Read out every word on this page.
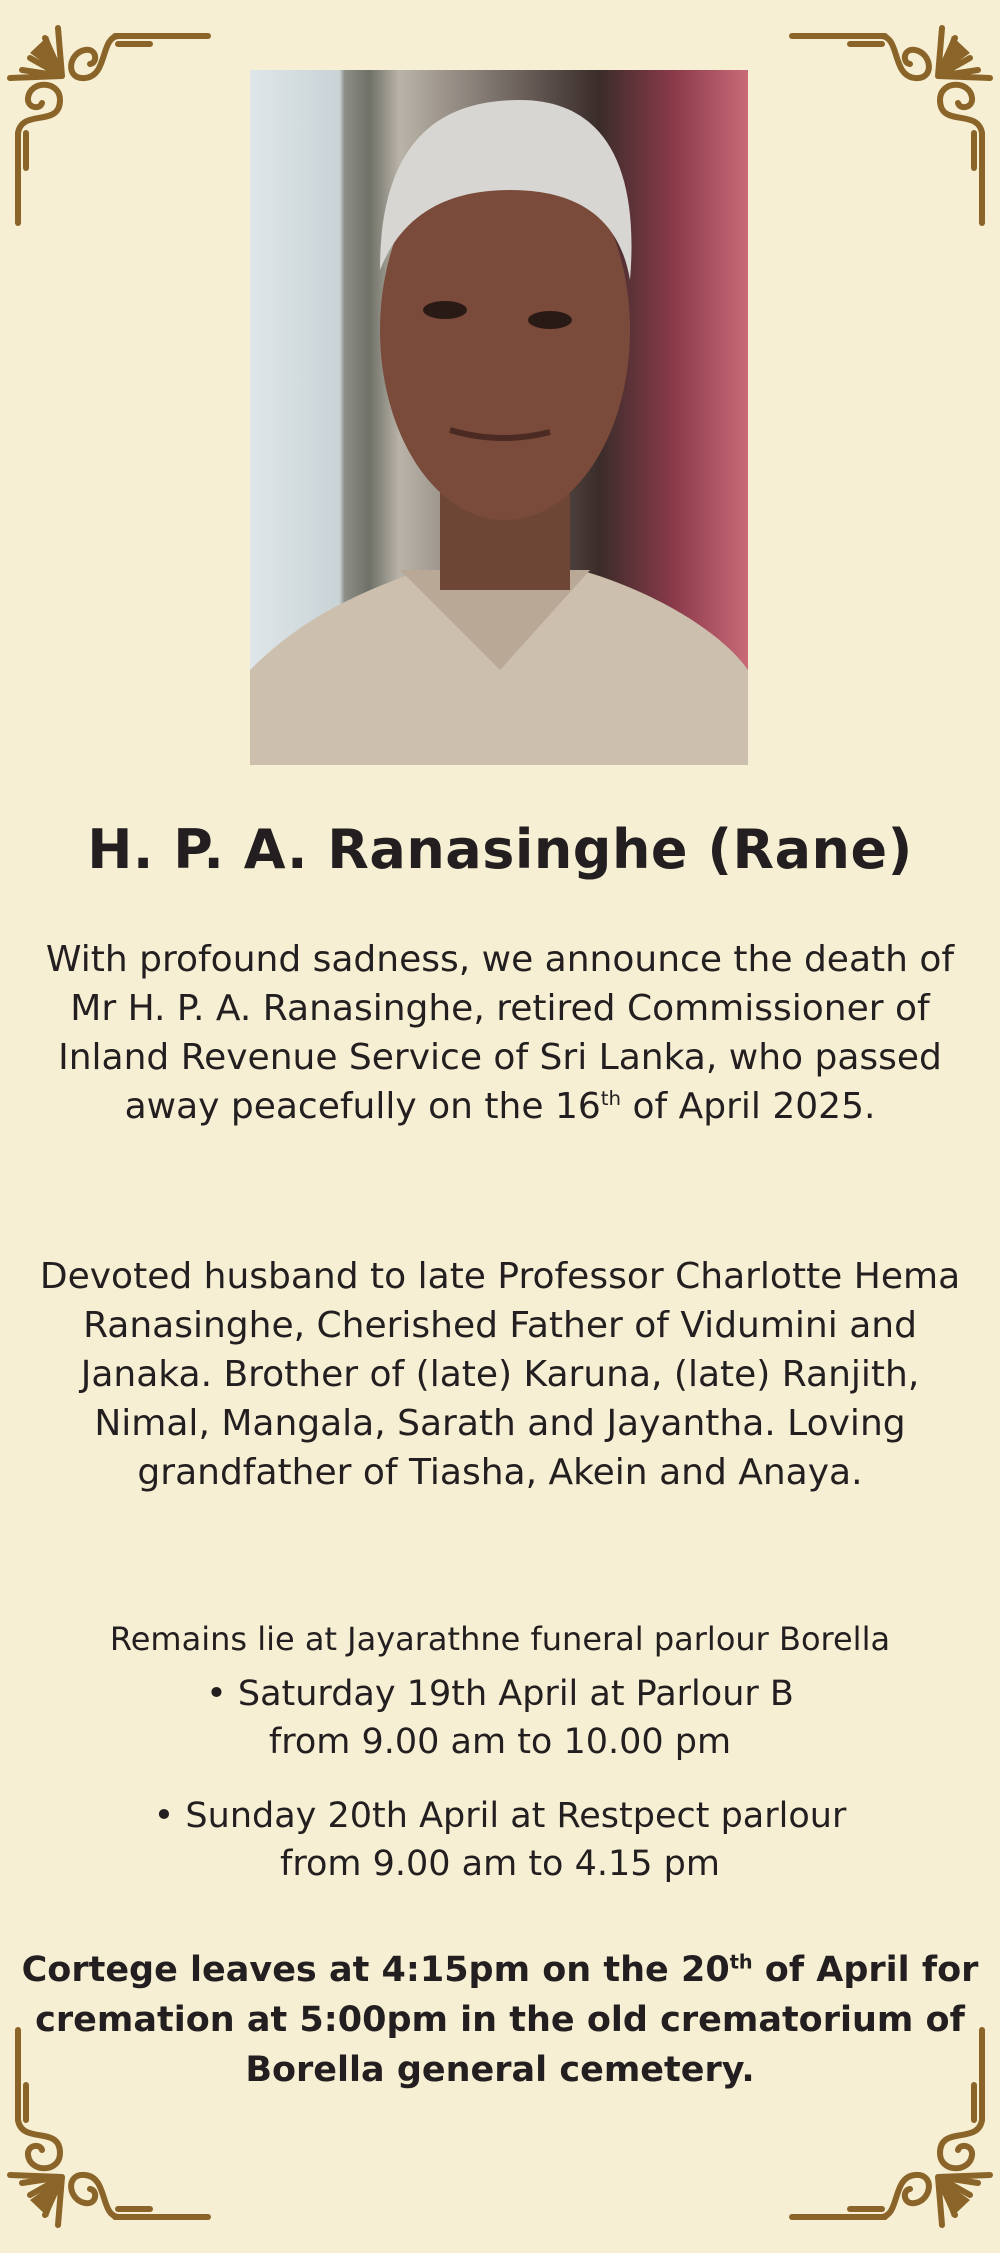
H. P. A. Ranasinghe (Rane)
With profound sadness, we announce the death of Mr H. P. A. Ranasinghe, retired Commissioner of Inland Revenue Service of Sri Lanka, who passed away peacefully on the 16th of April 2025.
Devoted husband to late Professor Charlotte Hema Ranasinghe, Cherished Father of Vidumini and Janaka. Brother of (late) Karuna, (late) Ranjith, Nimal, Mangala, Sarath and Jayantha. Loving grandfather of Tiasha, Akein and Anaya.
Remains lie at Jayarathne funeral parlour Borella
• Saturday 19th April at Parlour B
from 9.00 am to 10.00 pm
• Sunday 20th April at Restpect parlour
from 9.00 am to 4.15 pm
Cortege leaves at 4:15pm on the 20th of April for cremation at 5:00pm in the old crematorium of Borella general cemetery.
